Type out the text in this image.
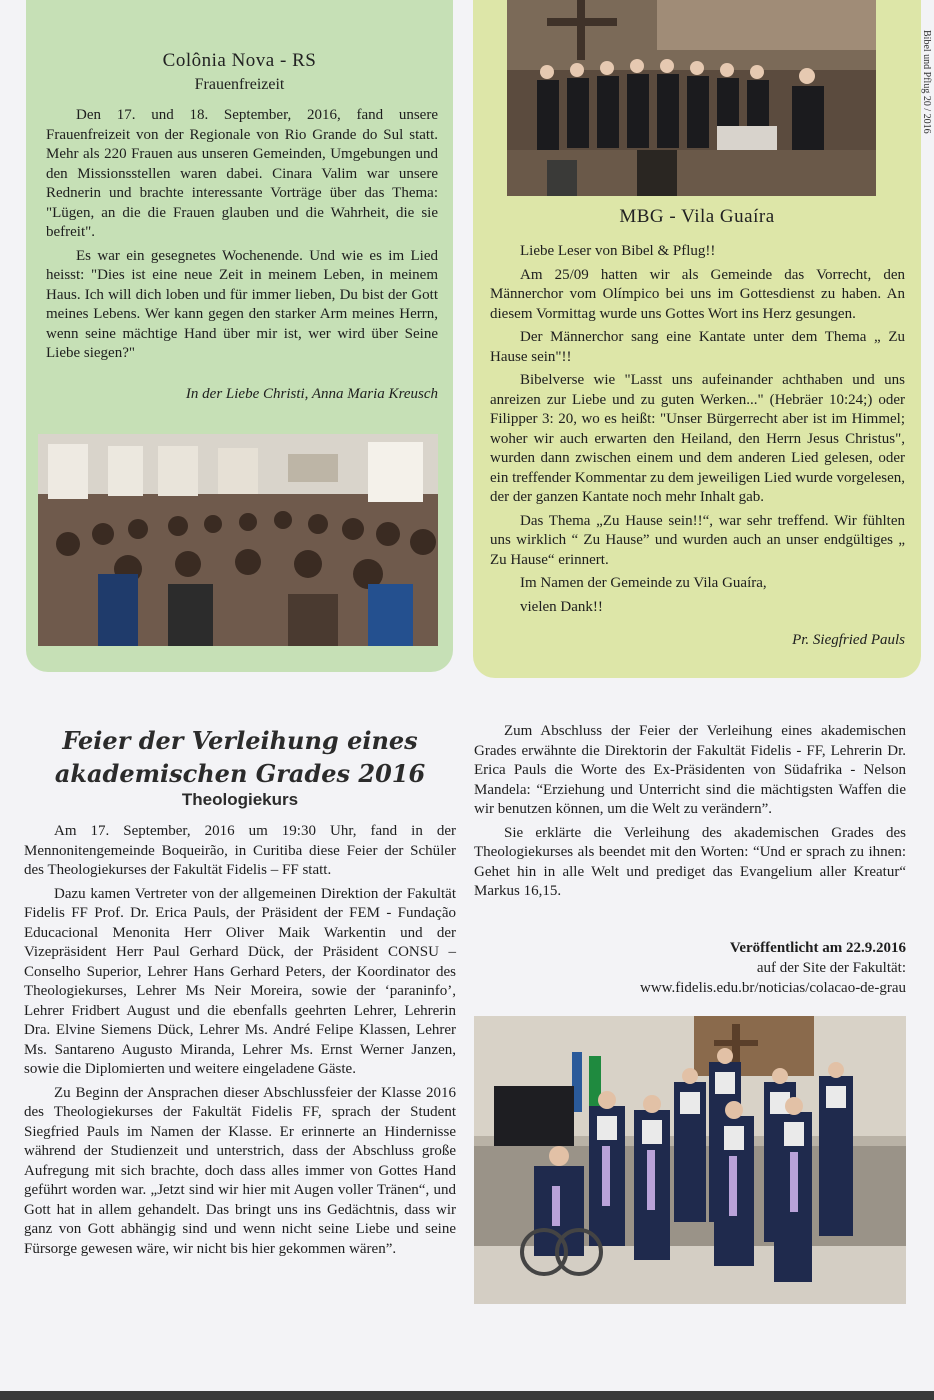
Bibel und Pflug 20 / 2016
Colônia Nova - RS
Frauenfreizeit

Den 17. und 18. September, 2016, fand unsere Frauenfreizeit von der Regionale von Rio Grande do Sul statt. Mehr als 220 Frauen aus unseren Gemeinden, Umgebungen und den Missionsstellen waren dabei. Cinara Valim war unsere Rednerin und brachte interessante Vorträge über das Thema: "Lügen, an die die Frauen glauben und die Wahrheit, die sie befreit".

Es war ein gesegnetes Wochenende. Und wie es im Lied heisst: "Dies ist eine neue Zeit in meinem Leben, in meinem Haus. Ich will dich loben und für immer lieben, Du bist der Gott meines Lebens. Wer kann gegen den starker Arm meines Herrn, wenn seine mächtige Hand über mir ist, wer wird über Seine Liebe siegen?"

In der Liebe Christi, Anna Maria Kreusch
MBG - Vila Guaíra

Liebe Leser von Bibel & Pflug!!

Am 25/09 hatten wir als Gemeinde das Vorrecht, den Männerchor vom Olímpico bei uns im Gottesdienst zu haben. An diesem Vormittag wurde uns Gottes Wort ins Herz gesungen.

Der Männerchor sang eine Kantate unter dem Thema „ Zu Hause sein"!!

Bibelverse wie "Lasst uns aufeinander achthaben und uns anreizen zur Liebe und zu guten Werken..." (Hebräer 10:24;) oder Filipper 3: 20, wo es heißt: "Unser Bürgerrecht aber ist im Himmel; woher wir auch erwarten den Heiland, den Herrn Jesus Christus", wurden dann zwischen einem und dem anderen Lied gelesen, oder ein treffender Kommentar zu dem jeweiligen Lied wurde vorgelesen, der der ganzen Kantate noch mehr Inhalt gab.

Das Thema „Zu Hause sein!!“, war sehr treffend. Wir fühlten uns wirklich “ Zu Hause” und wurden auch an unser endgültiges „ Zu Hause“ erinnert.

Im Namen der Gemeinde zu Vila Guaíra,

vielen Dank!!

Pr. Siegfried Pauls
Feier der Verleihung eines
akademischen Grades 2016
Theologiekurs

Am 17. September, 2016 um 19:30 Uhr, fand in der Mennonitengemeinde Boqueirão, in Curitiba diese Feier der Schüler des Theologiekurses der Fakultät Fidelis – FF statt.

Dazu kamen Vertreter von der allgemeinen Direktion der Fakultät Fidelis FF Prof. Dr. Erica Pauls, der Präsident der FEM - Fundação Educacional Menonita Herr Oliver Maik Warkentin und der Vizepräsident Herr Paul Gerhard Dück, der Präsident CONSU – Conselho Superior, Lehrer Hans Gerhard Peters, der Koordinator des Theologiekurses, Lehrer Ms Neir Moreira, sowie der ‘paraninfo’, Lehrer Fridbert August und die ebenfalls geehrten Lehrer, Lehrerin Dra. Elvine Siemens Dück, Lehrer Ms. André Felipe Klassen, Lehrer Ms. Santareno Augusto Miranda, Lehrer Ms. Ernst Werner Janzen, sowie die Diplomierten und weitere eingeladene Gäste.

Zu Beginn der Ansprachen dieser Abschlussfeier der Klasse 2016 des Theologiekurses der Fakultät Fidelis FF, sprach der Student Siegfried Pauls im Namen der Klasse. Er erinnerte an Hindernisse während der Studienzeit und unterstrich, dass der Abschluss große Aufregung mit sich brachte, doch dass alles immer von Gottes Hand geführt worden war. „Jetzt sind wir hier mit Augen voller Tränen“, und Gott hat in allem gehandelt. Das bringt uns ins Gedächtnis, dass wir ganz von Gott abhängig sind und wenn nicht seine Liebe und seine Fürsorge gewesen wäre, wir nicht bis hier gekommen wären”.

Zum Abschluss der Feier der Verleihung eines akademischen Grades erwähnte die Direktorin der Fakultät Fidelis - FF, Lehrerin Dr. Erica Pauls die Worte des Ex-Präsidenten von Südafrika - Nelson Mandela: “Erziehung und Unterricht sind die mächtigsten Waffen die wir benutzen können, um die Welt zu verändern”.

Sie erklärte die Verleihung des akademischen Grades des Theologiekurses als beendet mit den Worten: “Und er sprach zu ihnen: Gehet hin in alle Welt und prediget das Evangelium aller Kreatur“ Markus 16,15.

Veröffentlicht am 22.9.2016
auf der Site der Fakultät:
www.fidelis.edu.br/noticias/colacao-de-grau
